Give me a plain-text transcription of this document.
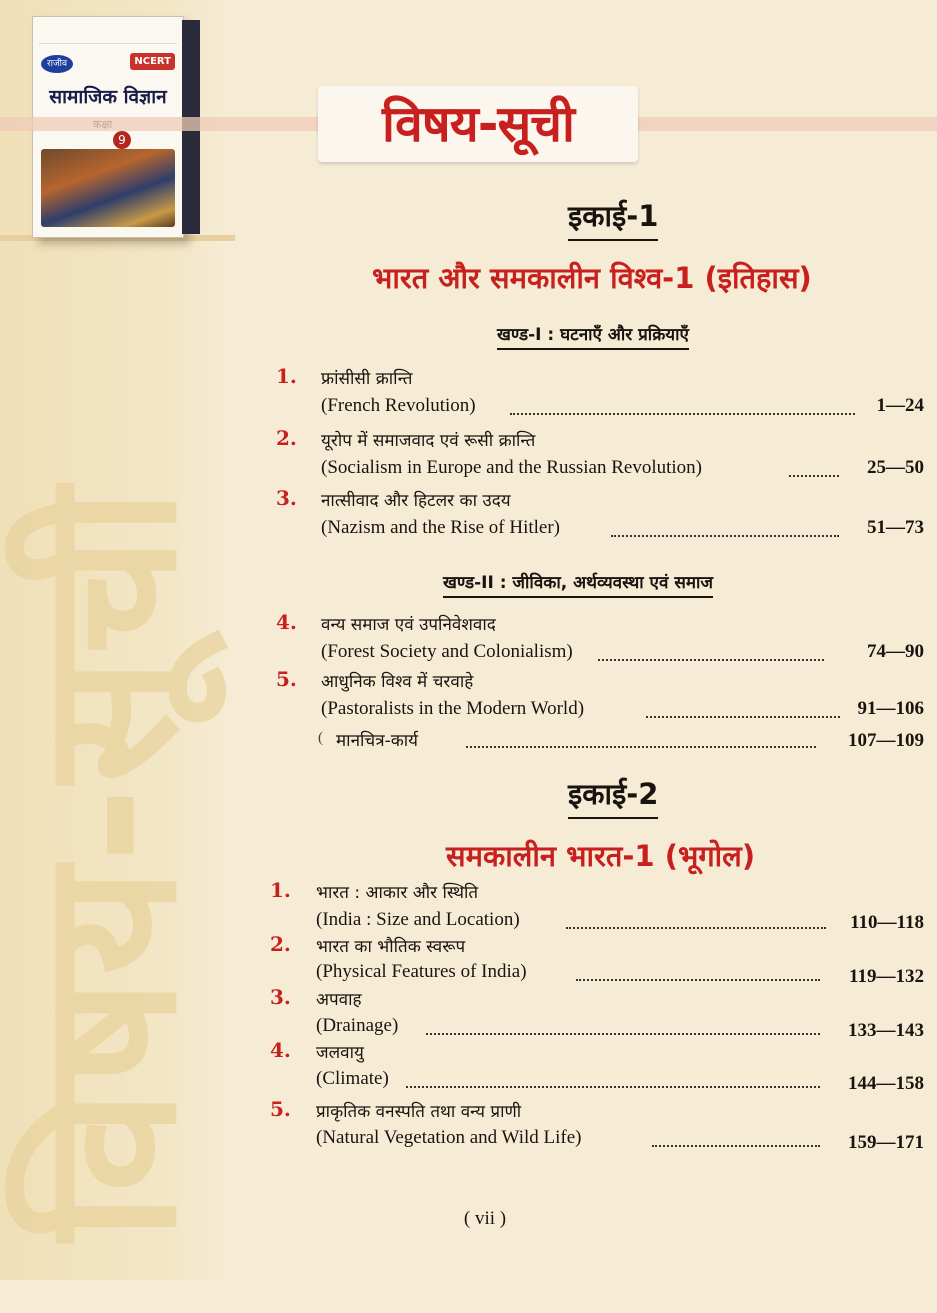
विषय-सूची
राजीव	NCERT
सामाजिक विज्ञान
9	विषय-सूची
इकाई-1
भारत और समकालीन विश्व-1 (इतिहास)
खण्ड-I : घटनाएँ और प्रक्रियाएँ
1. फ्रांसीसी क्रान्ति
(French Revolution)	1—24
2. यूरोप में समाजवाद एवं रूसी क्रान्ति
(Socialism in Europe and the Russian Revolution)	25—50
3. नात्सीवाद और हिटलर का उदय
(Nazism and the Rise of Hitler)	51—73
खण्ड-II : जीविका, अर्थव्यवस्था एवं समाज
4. वन्य समाज एवं उपनिवेशवाद
(Forest Society and Colonialism)	74—90
5. आधुनिक विश्व में चरवाहे
(Pastoralists in the Modern World)	91—106
( मानचित्र-कार्य	107—109
इकाई-2
समकालीन भारत-1 (भूगोल)
1. भारत : आकार और स्थिति
(India : Size and Location)	110—118
2. भारत का भौतिक स्वरूप
(Physical Features of India)	119—132
3. अपवाह
(Drainage)	133—143
4. जलवायु
(Climate)	144—158
5. प्राकृतिक वनस्पति तथा वन्य प्राणी
(Natural Vegetation and Wild Life)	159—171
( vii )
